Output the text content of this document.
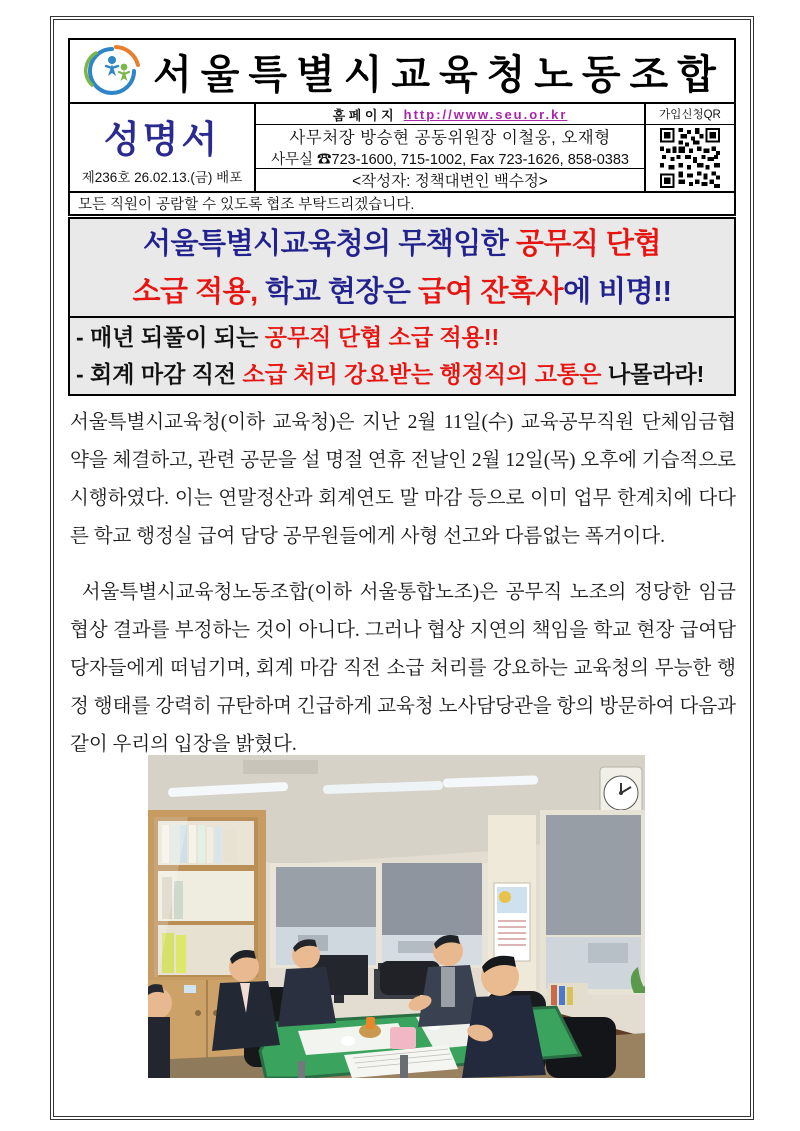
서울특별시교육청노동조합
성명서
제236호 26.02.13.(금) 배포
홈 페 이 지 http://www.seu.or.kr
사무처장 방승현 공동위원장 이철웅, 오재형
사무실 ☎723-1600, 715-1002, Fax 723-1626, 858-0383
<작성자: 정책대변인 백수정>
가입신청QR
모든 직원이 공람할 수 있도록 협조 부탁드리겠습니다.
서울특별시교육청의 무책임한 공무직 단협
소급 적용, 학교 현장은 급여 잔혹사에 비명!!
- 매년 되풀이 되는 공무직 단협 소급 적용!!
- 회계 마감 직전 소급 처리 강요받는 행정직의 고통은 나몰라라!

서울특별시교육청(이하 교육청)은 지난 2월 11일(수) 교육공무직원 단체임금협약을 체결하고, 관련 공문을 설 명절 연휴 전날인 2월 12일(목) 오후에 기습적으로 시행하였다. 이는 연말정산과 회계연도 말 마감 등으로 이미 업무 한계치에 다다른 학교 행정실 급여 담당 공무원들에게 사형 선고와 다름없는 폭거이다.

서울특별시교육청노동조합(이하 서울통합노조)은 공무직 노조의 정당한 임금 협상 결과를 부정하는 것이 아니다. 그러나 협상 지연의 책임을 학교 현장 급여담당자들에게 떠넘기며, 회계 마감 직전 소급 처리를 강요하는 교육청의 무능한 행정 행태를 강력히 규탄하며 긴급하게 교육청 노사담당관을 항의 방문하여 다음과 같이 우리의 입장을 밝혔다.
